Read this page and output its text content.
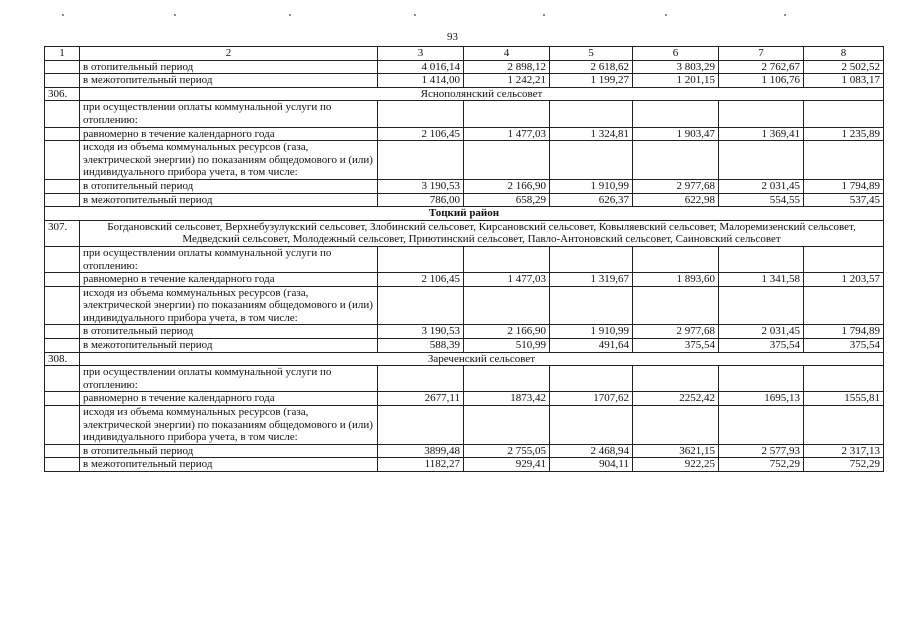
93
1	2	3	4	5	6	7	8
	в отопительный период	4 016,14	2 898,12	2 618,62	3 803,29	2 762,67	2 502,52
	в межотопительный период	1 414,00	1 242,21	1 199,27	1 201,15	1 106,76	1 083,17
306.	Яснополянский сельсовет						
	при осуществлении оплаты коммунальной услуги по отоплению:						
	равномерно в течение календарного года	2 106,45	1 477,03	1 324,81	1 903,47	1 369,41	1 235,89
	исходя из объема коммунальных ресурсов (газа, электрической энергии) по показаниям общедомового и (или) индивидуального прибора учета, в том числе:						
	в отопительный период	3 190,53	2 166,90	1 910,99	2 977,68	2 031,45	1 794,89
	в межотопительный период	786,00	658,29	626,37	622,98	554,55	537,45
Тоцкий район							
307.	Богдановский сельсовет, Верхнебузулукский сельсовет, Злобинский сельсовет, Кирсановский сельсовет, Ковыляевский сельсовет, Малоремизенский сельсовет, Медведский сельсовет, Молодежный сельсовет, Приютинский сельсовет, Павло-Антоновский сельсовет, Саиновский сельсовет						
	при осуществлении оплаты коммунальной услуги по отоплению:						
	равномерно в течение календарного года	2 106,45	1 477,03	1 319,67	1 893,60	1 341,58	1 203,57
	исходя из объема коммунальных ресурсов (газа, электрической энергии) по показаниям общедомового и (или) индивидуального прибора учета, в том числе:						
	в отопительный период	3 190,53	2 166,90	1 910,99	2 977,68	2 031,45	1 794,89
	в межотопительный период	588,39	510,99	491,64	375,54	375,54	375,54
308.	Зареченский сельсовет						
	при осуществлении оплаты коммунальной услуги по отоплению:						
	равномерно в течение календарного года	2677,11	1873,42	1707,62	2252,42	1695,13	1555,81
	исходя из объема коммунальных ресурсов (газа, электрической энергии) по показаниям общедомового и (или) индивидуального прибора учета, в том числе:						
	в отопительный период	3899,48	2 755,05	2 468,94	3621,15	2 577,93	2 317,13
	в межотопительный период	1182,27	929,41	904,11	922,25	752,29	752,29
